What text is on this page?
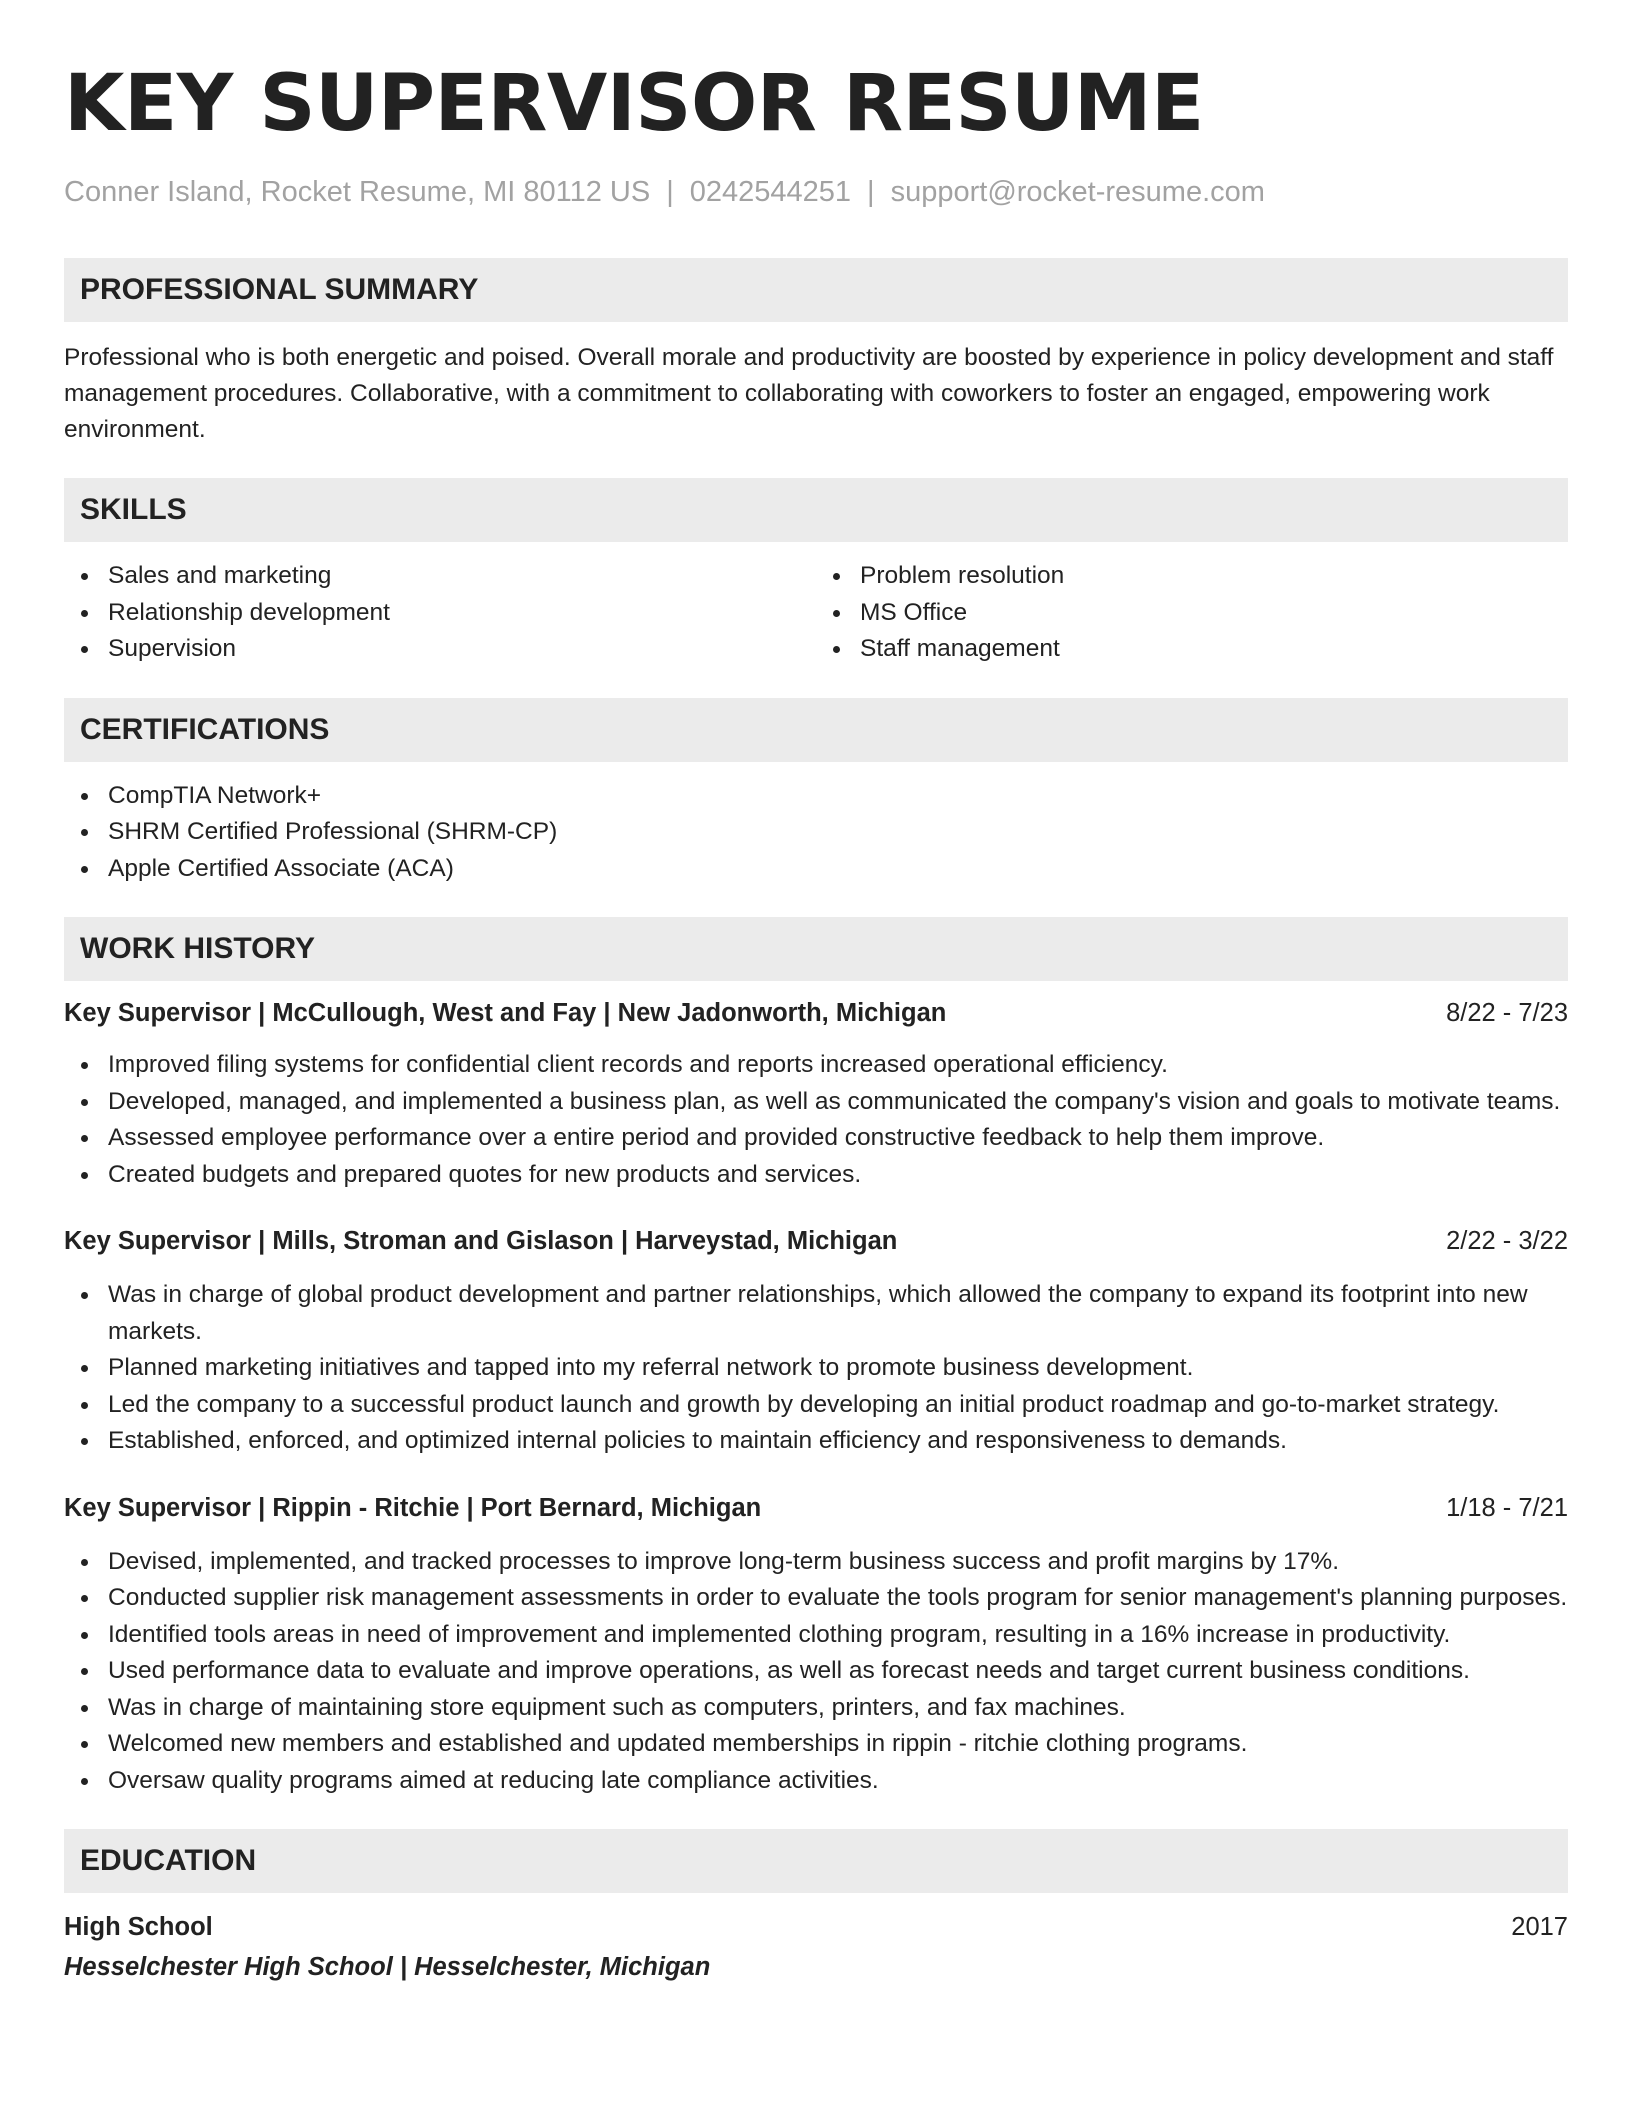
KEY SUPERVISOR RESUME
Conner Island, Rocket Resume, MI 80112 US | 0242544251 | support@rocket-resume.com
PROFESSIONAL SUMMARY

Professional who is both energetic and poised. Overall morale and productivity are boosted by experience in policy development and staff management procedures. Collaborative, with a commitment to collaborating with coworkers to foster an engaged, empowering work environment.

SKILLS
Sales and marketing
Relationship development
Supervision
Problem resolution
MS Office
Staff management
CERTIFICATIONS
CompTIA Network+
SHRM Certified Professional (SHRM-CP)
Apple Certified Associate (ACA)
WORK HISTORY
Key Supervisor | McCullough, West and Fay | New Jadonworth, Michigan	8/22 - 7/23
Improved filing systems for confidential client records and reports increased operational efficiency.
Developed, managed, and implemented a business plan, as well as communicated the company's vision and goals to motivate teams.
Assessed employee performance over a entire period and provided constructive feedback to help them improve.
Created budgets and prepared quotes for new products and services.
Key Supervisor | Mills, Stroman and Gislason | Harveystad, Michigan	2/22 - 3/22
Was in charge of global product development and partner relationships, which allowed the company to expand its footprint into new markets.
Planned marketing initiatives and tapped into my referral network to promote business development.
Led the company to a successful product launch and growth by developing an initial product roadmap and go-to-market strategy.
Established, enforced, and optimized internal policies to maintain efficiency and responsiveness to demands.
Key Supervisor | Rippin - Ritchie | Port Bernard, Michigan	1/18 - 7/21
Devised, implemented, and tracked processes to improve long-term business success and profit margins by 17%.
Conducted supplier risk management assessments in order to evaluate the tools program for senior management's planning purposes.
Identified tools areas in need of improvement and implemented clothing program, resulting in a 16% increase in productivity.
Used performance data to evaluate and improve operations, as well as forecast needs and target current business conditions.
Was in charge of maintaining store equipment such as computers, printers, and fax machines.
Welcomed new members and established and updated memberships in rippin - ritchie clothing programs.
Oversaw quality programs aimed at reducing late compliance activities.
EDUCATION
High School	2017
Hesselchester High School | Hesselchester, Michigan
